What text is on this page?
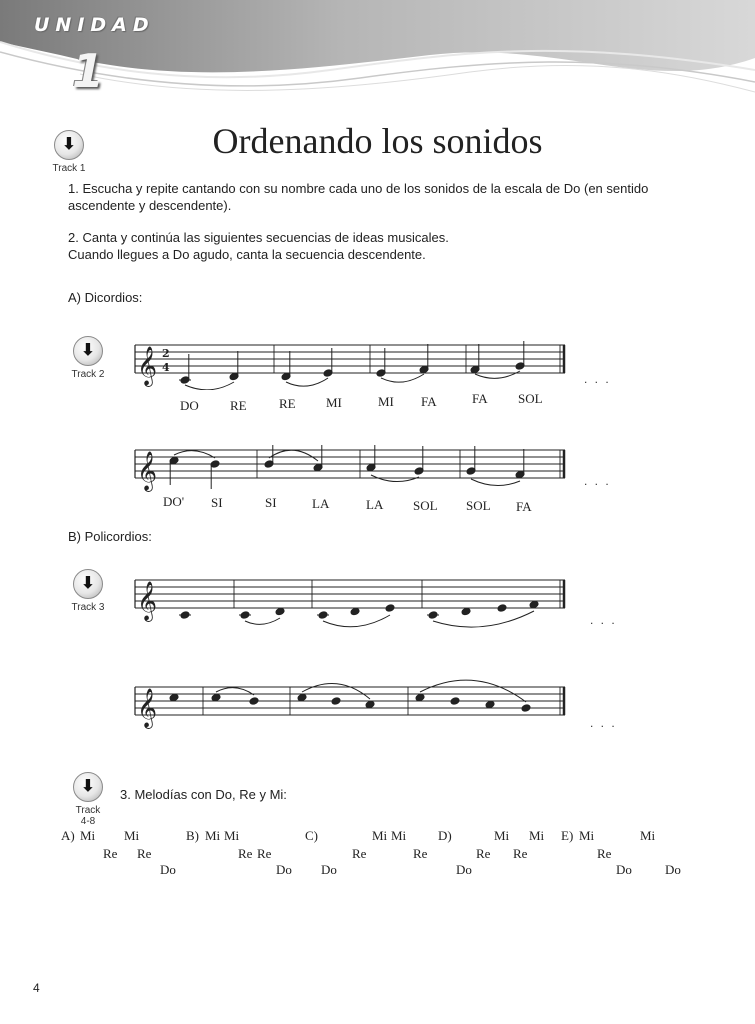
UNIDAD
1
Ordenando los sonidos
⬇
Track 1
1. Escucha y repite cantando con su nombre cada uno de los sonidos de la escala de Do (en sentido
ascendente y descendente).
2. Canta y continúa las siguientes secuencias de ideas musicales.
Cuando llegues a Do agudo, canta la secuencia descendente.
A) Dicordios:
⬇
Track 2 𝄞 2
4
. . .
DO RE RE MI	MI FA	FA SOL
𝄞	. . .
DO' SI	SI	LA	LA SOL SOL FA
B) Policordios:
⬇
Track 3 𝄞	. . .
𝄞	. . .
⬇
Track
4-8
3. Melodías con Do, Re y Mi:
A) Mi Mi
Re Re
Do
B) Mi Mi
Re Re
Do
C)	Mi Mi
Re
Do
Re
D)	Mi Mi
Re Re
Do
E) Mi	Mi
Re
Do	Do
4
